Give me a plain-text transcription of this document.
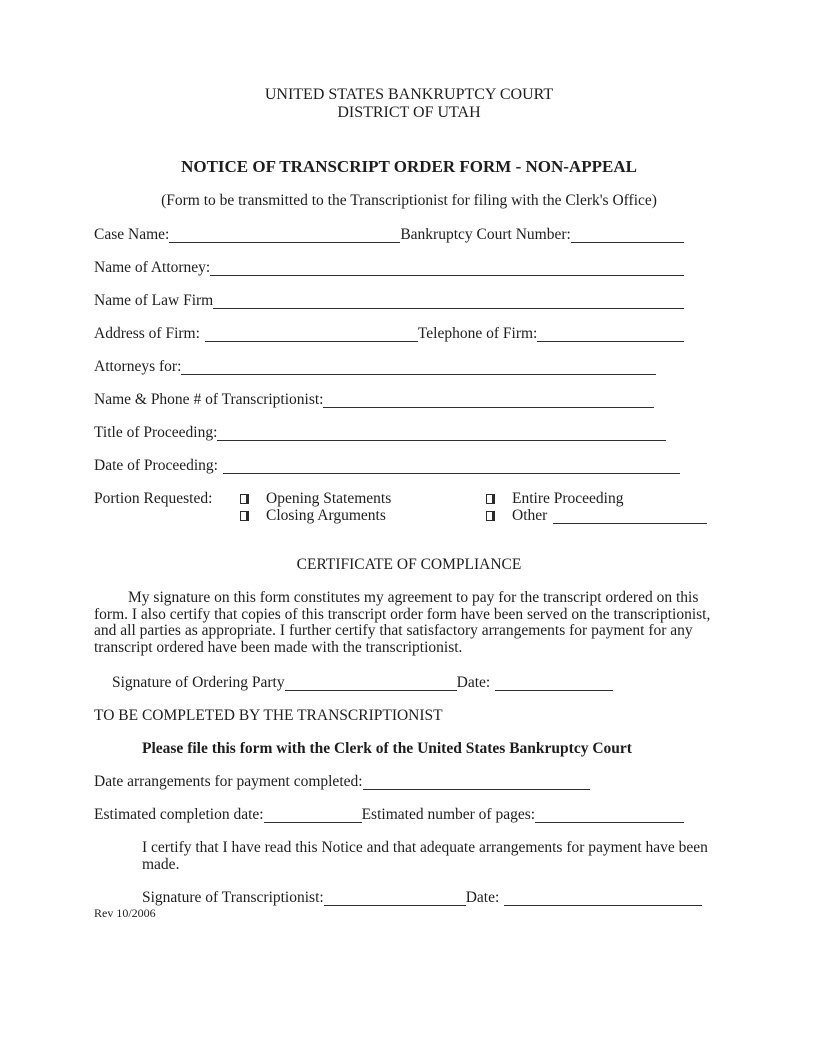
UNITED STATES BANKRUPTCY COURT
DISTRICT OF UTAH
NOTICE OF TRANSCRIPT ORDER FORM - NON-APPEAL
(Form to be transmitted to the Transcriptionist for filing with the Clerk's Office)
Case Name:	Bankruptcy Court Number:
Name of Attorney:
Name of Law Firm
Address of Firm:	Telephone of Firm:
Attorneys for:
Name & Phone # of Transcriptionist:
Title of Proceeding:
Date of Proceeding:
Portion Requested:	Opening Statements	Entire Proceeding
Closing Arguments	Other
CERTIFICATE OF COMPLIANCE

My signature on this form constitutes my agreement to pay for the transcript ordered on this form. I also certify that copies of this transcript order form have been served on the transcriptionist, and all parties as appropriate. I further certify that satisfactory arrangements for payment for any transcript ordered have been made with the transcriptionist.

Signature of Ordering Party	Date:
TO BE COMPLETED BY THE TRANSCRIPTIONIST
Please file this form with the Clerk of the United States Bankruptcy Court
Date arrangements for payment completed:
Estimated completion date:	Estimated number of pages:
I certify that I have read this Notice and that adequate arrangements for payment have been made.
Signature of Transcriptionist:	Date:
Rev 10/2006
